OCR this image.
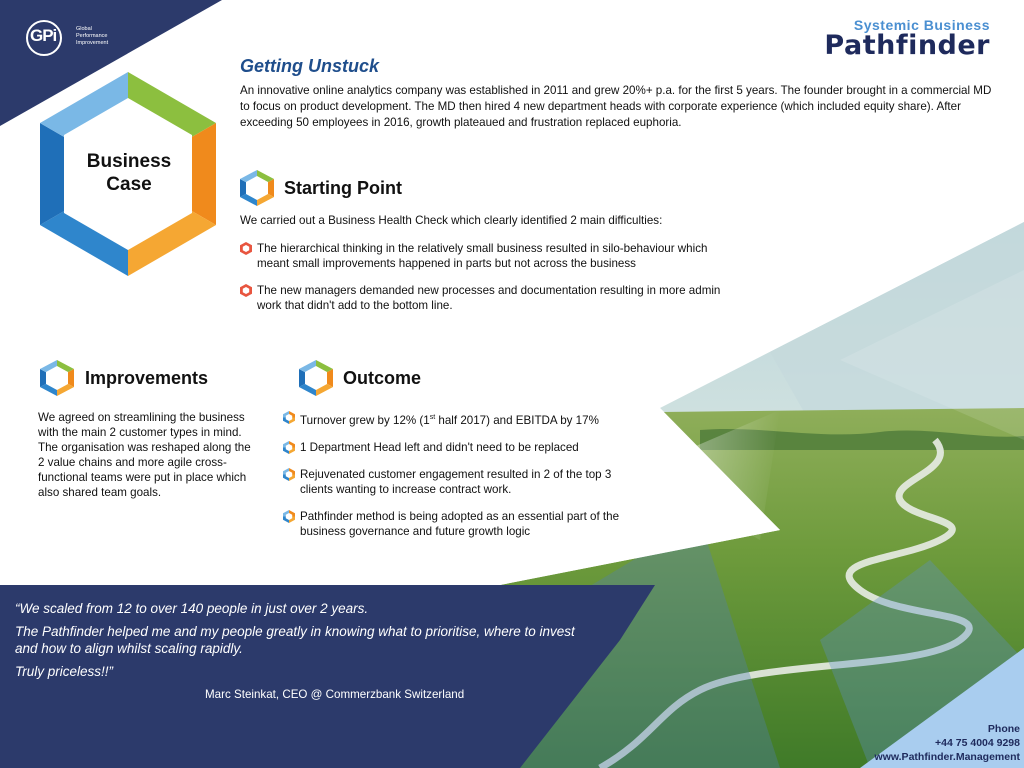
GPi	Global
Performance
Improvement
Systemic Business
Pathfinder
Business Case
Getting Unstuck
An innovative online analytics company was established in 2011 and grew 20%+ p.a. for the first 5 years. The founder brought in a commercial MD to focus on product development. The MD then hired 4 new department heads with corporate experience (which included equity share). After exceeding 50 employees in 2016, growth plateaued and frustration replaced euphoria.
Starting Point
We carried out a Business Health Check which clearly identified 2 main difficulties:
The hierarchical thinking in the relatively small business resulted in silo-behaviour which meant small improvements happened in parts but not across the business
The new managers demanded new processes and documentation resulting in more admin work that didn't add to the bottom line.
Improvements
We agreed on streamlining the business with the main 2 customer types in mind. The organisation was reshaped along the 2 value chains and more agile cross-functional teams were put in place which also shared team goals.
Outcome
Turnover grew by 12% (1st half 2017) and EBITDA by 17%
1 Department Head left and didn't need to be replaced
Rejuvenated customer engagement resulted in 2 of the top 3 clients wanting to increase contract work.
Pathfinder method is being adopted as an essential part of the business governance and future growth logic

“We scaled from 12 to over 140 people in just over 2 years.

The Pathfinder helped me and my people greatly in knowing what to prioritise, where to invest and how to align whilst scaling rapidly.

Truly priceless!!”

Marc Steinkat, CEO @ Commerzbank Switzerland
Phone
+44 75 4004 9298
www.Pathfinder.Management
